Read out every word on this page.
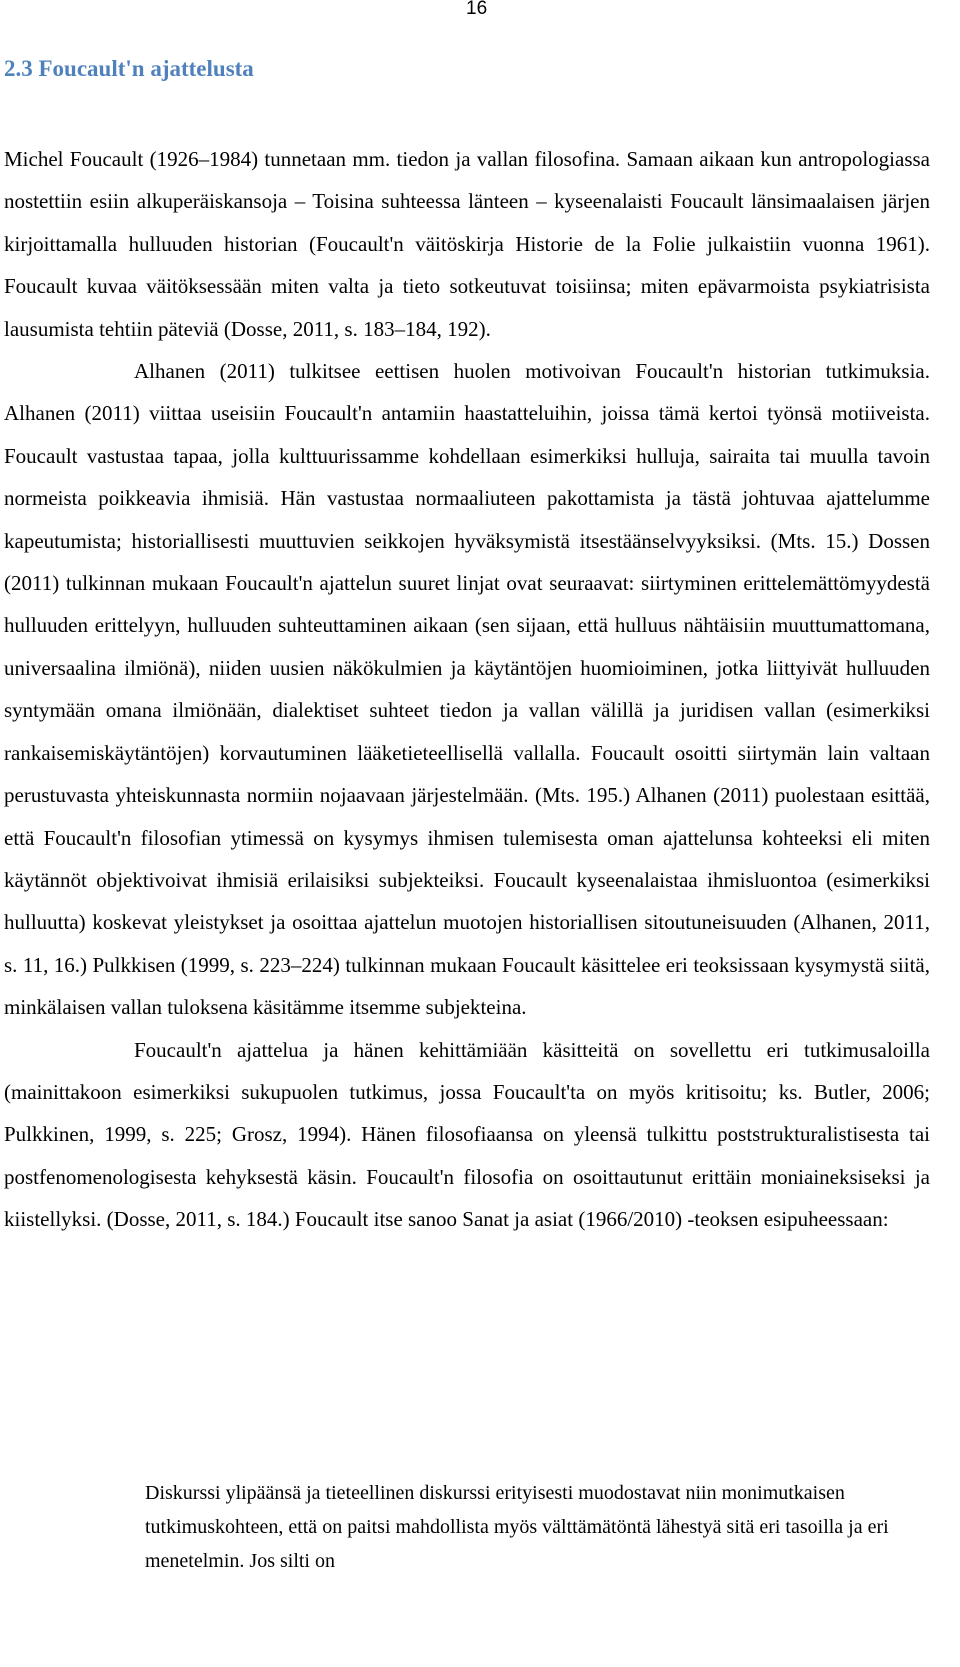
16
2.3 Foucault'n ajattelusta

Michel Foucault (1926–1984) tunnetaan mm. tiedon ja vallan filosofina. Samaan aikaan kun antropologiassa nostettiin esiin alkuperäiskansoja – Toisina suhteessa länteen – kyseenalaisti Foucault länsimaalaisen järjen kirjoittamalla hulluuden historian (Foucault'n väitöskirja Historie de la Folie julkaistiin vuonna 1961). Foucault kuvaa väitöksessään miten valta ja tieto sotkeutuvat toisiinsa; miten epävarmoista psykiatrisista lausumista tehtiin päteviä (Dosse, 2011, s. 183–184, 192).

Alhanen (2011) tulkitsee eettisen huolen motivoivan Foucault'n historian tutkimuksia. Alhanen (2011) viittaa useisiin Foucault'n antamiin haastatteluihin, joissa tämä kertoi työnsä motiiveista. Foucault vastustaa tapaa, jolla kulttuurissamme kohdellaan esimerkiksi hulluja, sairaita tai muulla tavoin normeista poikkeavia ihmisiä. Hän vastustaa normaaliuteen pakottamista ja tästä johtuvaa ajattelumme kapeutumista; historiallisesti muuttuvien seikkojen hyväksymistä itsestäänselvyyksiksi. (Mts. 15.) Dossen (2011) tulkinnan mukaan Foucault'n ajattelun suuret linjat ovat seuraavat: siirtyminen erittelemättömyydestä hulluuden erittelyyn, hulluuden suhteuttaminen aikaan (sen sijaan, että hulluus nähtäisiin muuttumattomana, universaalina ilmiönä), niiden uusien näkökulmien ja käytäntöjen huomioiminen, jotka liittyivät hulluuden syntymään omana ilmiönään, dialektiset suhteet tiedon ja vallan välillä ja juridisen vallan (esimerkiksi rankaisemiskäytäntöjen) korvautuminen lääketieteellisellä vallalla. Foucault osoitti siirtymän lain valtaan perustuvasta yhteiskunnasta normiin nojaavaan järjestelmään. (Mts. 195.) Alhanen (2011) puolestaan esittää, että Foucault'n filosofian ytimessä on kysymys ihmisen tulemisesta oman ajattelunsa kohteeksi eli miten käytännöt objektivoivat ihmisiä erilaisiksi subjekteiksi. Foucault kyseenalaistaa ihmisluontoa (esimerkiksi hulluutta) koskevat yleistykset ja osoittaa ajattelun muotojen historiallisen sitoutuneisuuden (Alhanen, 2011, s. 11, 16.) Pulkkisen (1999, s. 223–224) tulkinnan mukaan Foucault käsittelee eri teoksissaan kysymystä siitä, minkälaisen vallan tuloksena käsitämme itsemme subjekteina.

Foucault'n ajattelua ja hänen kehittämiään käsitteitä on sovellettu eri tutkimusaloilla (mainittakoon esimerkiksi sukupuolen tutkimus, jossa Foucault'ta on myös kritisoitu; ks. Butler, 2006; Pulkkinen, 1999, s. 225; Grosz, 1994). Hänen filosofiaansa on yleensä tulkittu poststrukturalistisesta tai postfenomenologisesta kehyksestä käsin. Foucault'n filosofia on osoittautunut erittäin moniaineksiseksi ja kiistellyksi. (Dosse, 2011, s. 184.) Foucault itse sanoo Sanat ja asiat (1966/2010) -teoksen esipuheessaan:

Diskurssi ylipäänsä ja tieteellinen diskurssi erityisesti muodostavat niin monimutkaisen tutkimuskohteen, että on paitsi mahdollista myös välttämätöntä lähestyä sitä eri tasoilla ja eri menetelmin. Jos silti on
